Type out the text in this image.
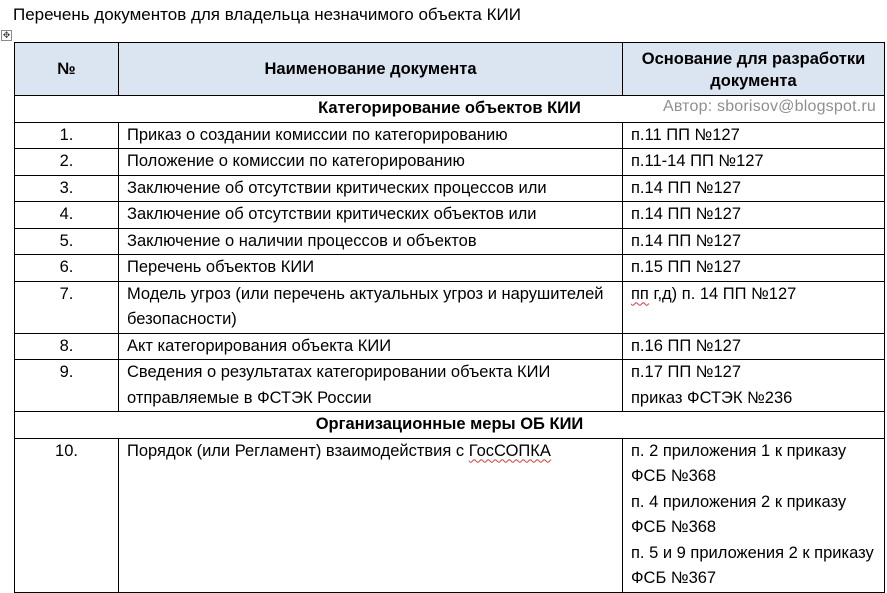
Перечень документов для владельца незначимого объекта КИИ
✥
№	Наименование документа	Основание для разработки документа
Категорирование объектов КИИ Автор: sborisov@blogspot.ru		

1.	Приказ о создании комиссии по категорированию	п.11 ПП №127
2.	Положение о комиссии по категорированию	п.11-14 ПП №127
3.	Заключение об отсутствии критических процессов или	п.14 ПП №127
4.	Заключение об отсутствии критических объектов или	п.14 ПП №127
5.	Заключение о наличии процессов и объектов	п.14 ПП №127
6.	Перечень объектов КИИ	п.15 ПП №127
7.	Модель угроз (или перечень актуальных угроз и нарушителей безопасности)	пп г,д) п. 14 ПП №127
8.	Акт категорирования объекта КИИ	п.16 ПП №127
9.	Сведения о результатах категорировании объекта КИИ отправляемые в ФСТЭК России	п.17 ПП №127
приказ ФСТЭК №236

Организационные меры ОБ КИИ		
10.	Порядок (или Регламент) взаимодействия с ГосСОПКА	п. 2 приложения 1 к приказу ФСБ №368
п. 4 приложения 2 к приказу ФСБ №368
п. 5 и 9 приложения 2 к приказу ФСБ №367
